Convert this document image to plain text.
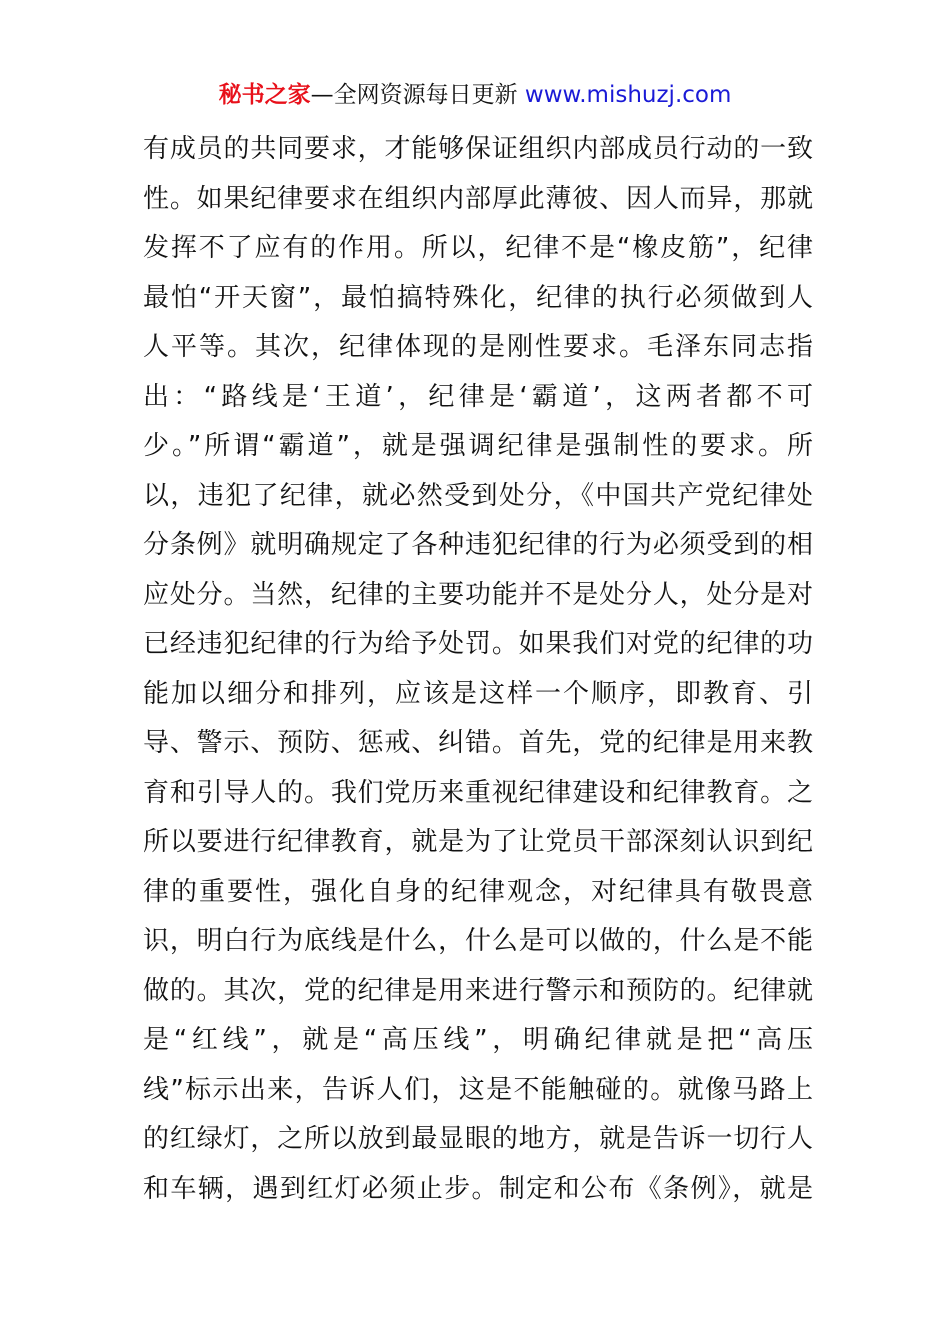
秘书之家—全网资源每日更新 www.mishuzj.com
有成员的共同要求，才能够保证组织内部成员行动的一致
性。如果纪律要求在组织内部厚此薄彼、因人而异，那就
发挥不了应有的作用。所以，纪律不是“橡皮筋”，纪律
最怕“开天窗”，最怕搞特殊化，纪律的执行必须做到人
人平等。其次，纪律体现的是刚性要求。毛泽东同志指
出：“路线是‘王道’，纪律是‘霸道’，这两者都不可
少。”所谓“霸道”，就是强调纪律是强制性的要求。所
以，违犯了纪律，就必然受到处分，《中国共产党纪律处
分条例》就明确规定了各种违犯纪律的行为必须受到的相
应处分。当然，纪律的主要功能并不是处分人，处分是对
已经违犯纪律的行为给予处罚。如果我们对党的纪律的功
能加以细分和排列，应该是这样一个顺序，即教育、引
导、警示、预防、惩戒、纠错。首先，党的纪律是用来教
育和引导人的。我们党历来重视纪律建设和纪律教育。之
所以要进行纪律教育，就是为了让党员干部深刻认识到纪
律的重要性，强化自身的纪律观念，对纪律具有敬畏意
识，明白行为底线是什么，什么是可以做的，什么是不能
做的。其次，党的纪律是用来进行警示和预防的。纪律就
是“红线”，就是“高压线”，明确纪律就是把“高压
线”标示出来，告诉人们，这是不能触碰的。就像马路上
的红绿灯，之所以放到最显眼的地方，就是告诉一切行人
和车辆，遇到红灯必须止步。制定和公布《条例》，就是
